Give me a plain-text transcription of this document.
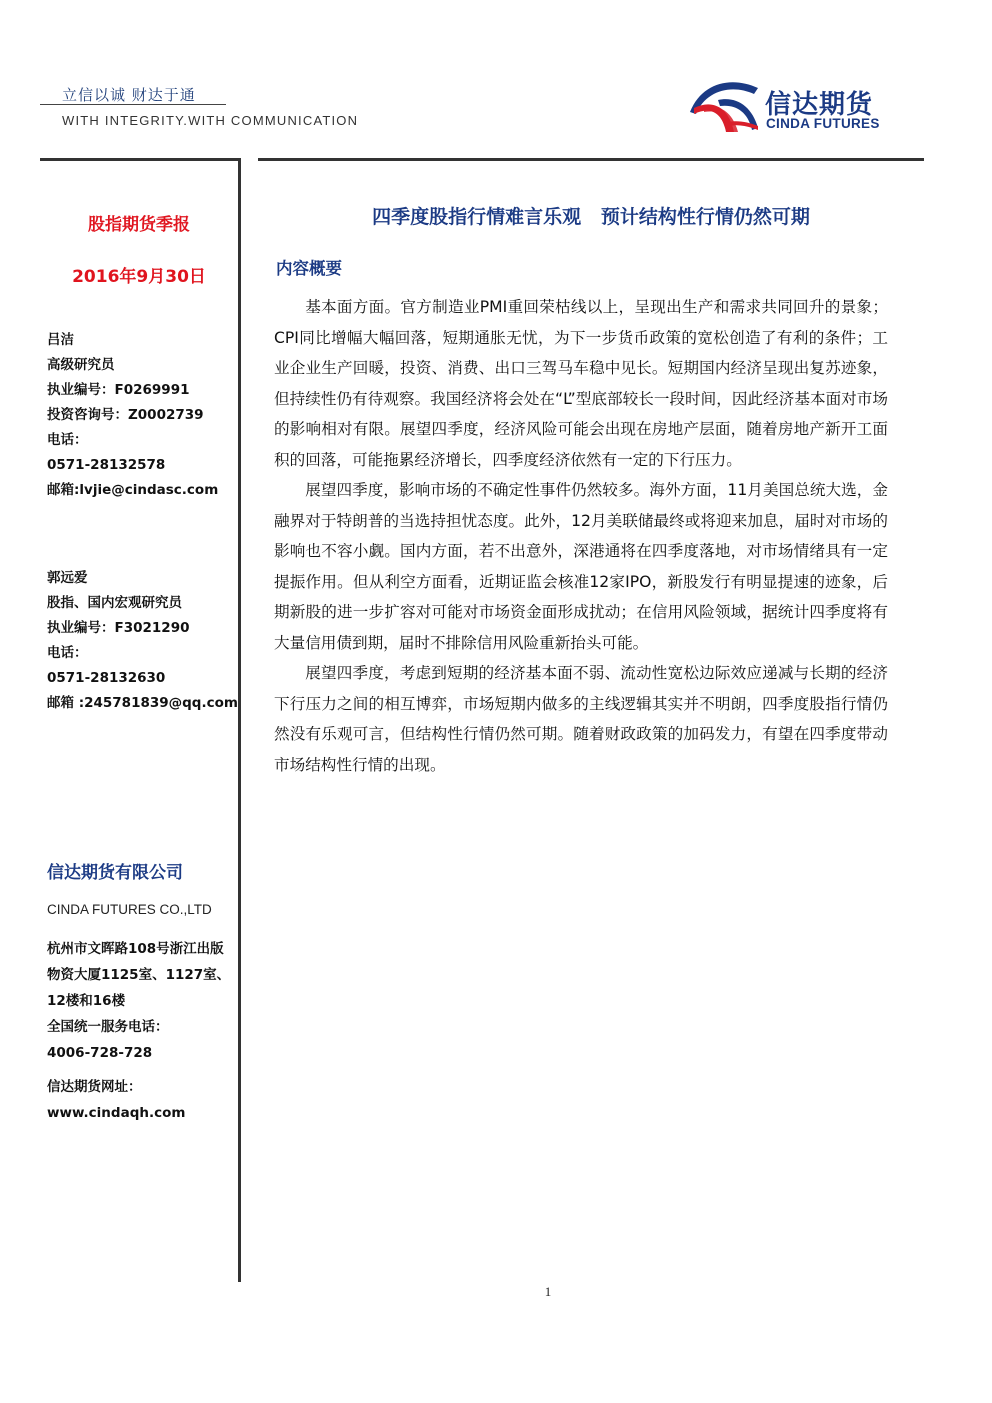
立信以诚 财达于通
WITH INTEGRITY.WITH COMMUNICATION
信达期货
CINDA FUTURES
股指期货季报
2016年9月30日
吕洁
高级研究员
执业编号：F0269991
投资咨询号：Z0002739
电话：
0571-28132578
邮箱:lvjie@cindasc.com
郭远爱
股指、国内宏观研究员
执业编号：F3021290
电话：
0571-28132630
邮箱 :245781839@qq.com
信达期货有限公司
CINDA FUTURES CO.,LTD
杭州市文晖路108号浙江出版
物资大厦1125室、1127室、
12楼和16楼
全国统一服务电话：
4006-728-728
信达期货网址：
www.cindaqh.com
四季度股指行情难言乐观   预计结构性行情仍然可期
内容概要

基本面方面。官方制造业PMI重回荣枯线以上，呈现出生产和需求共同回升的景象；CPI同比增幅大幅回落，短期通胀无忧，为下一步货币政策的宽松创造了有利的条件；工业企业生产回暖，投资、消费、出口三驾马车稳中见长。短期国内经济呈现出复苏迹象，但持续性仍有待观察。我国经济将会处在“L”型底部较长一段时间，因此经济基本面对市场的影响相对有限。展望四季度，经济风险可能会出现在房地产层面，随着房地产新开工面积的回落，可能拖累经济增长，四季度经济依然有一定的下行压力。

展望四季度，影响市场的不确定性事件仍然较多。海外方面，11月美国总统大选，金融界对于特朗普的当选持担忧态度。此外，12月美联储最终或将迎来加息，届时对市场的影响也不容小觑。国内方面，若不出意外，深港通将在四季度落地，对市场情绪具有一定提振作用。但从利空方面看，近期证监会核准12家IPO，新股发行有明显提速的迹象，后期新股的进一步扩容对可能对市场资金面形成扰动；在信用风险领域，据统计四季度将有大量信用债到期，届时不排除信用风险重新抬头可能。

展望四季度，考虑到短期的经济基本面不弱、流动性宽松边际效应递减与长期的经济下行压力之间的相互博弈，市场短期内做多的主线逻辑其实并不明朗，四季度股指行情仍然没有乐观可言，但结构性行情仍然可期。随着财政政策的加码发力，有望在四季度带动市场结构性行情的出现。

1
